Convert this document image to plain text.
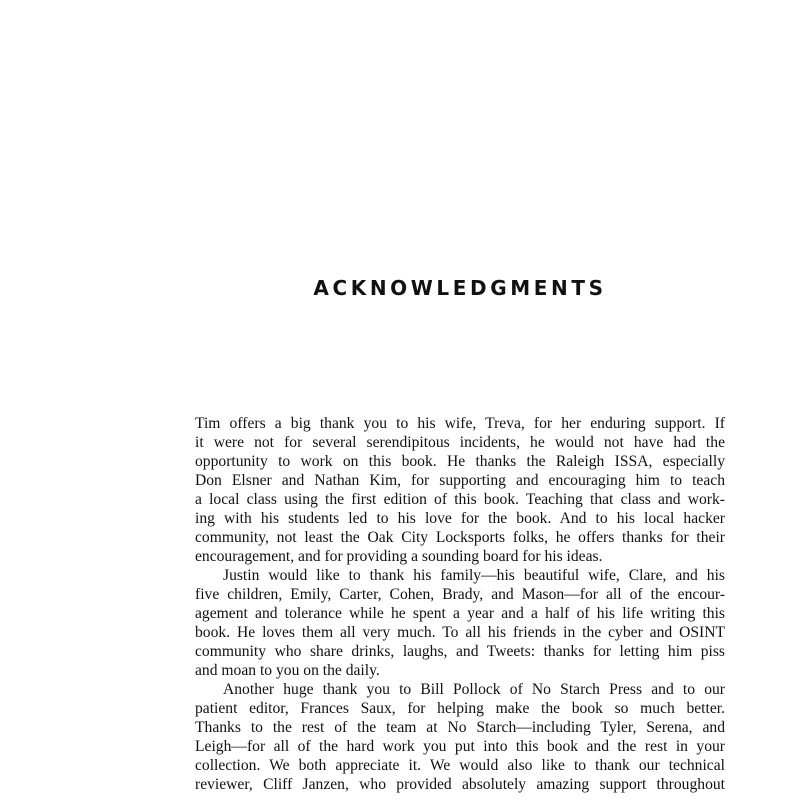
ACKNOWLEDGMENTS
Tim offers a big thank you to his wife, Treva, for her enduring support. If
it were not for several serendipitous incidents, he would not have had the
opportunity to work on this book. He thanks the Raleigh ISSA, especially
Don Elsner and Nathan Kim, for supporting and encouraging him to teach
a local class using the first edition of this book. Teaching that class and work-
ing with his students led to his love for the book. And to his local hacker
community, not least the Oak City Locksports folks, he offers thanks for their
encouragement, and for providing a sounding board for his ideas.
Justin would like to thank his family—his beautiful wife, Clare, and his
five children, Emily, Carter, Cohen, Brady, and Mason—for all of the encour-
agement and tolerance while he spent a year and a half of his life writing this
book. He loves them all very much. To all his friends in the cyber and OSINT
community who share drinks, laughs, and Tweets: thanks for letting him piss
and moan to you on the daily.
Another huge thank you to Bill Pollock of No Starch Press and to our
patient editor, Frances Saux, for helping make the book so much better.
Thanks to the rest of the team at No Starch—including Tyler, Serena, and
Leigh—for all of the hard work you put into this book and the rest in your
collection. We both appreciate it. We would also like to thank our technical
reviewer, Cliff Janzen, who provided absolutely amazing support throughout
